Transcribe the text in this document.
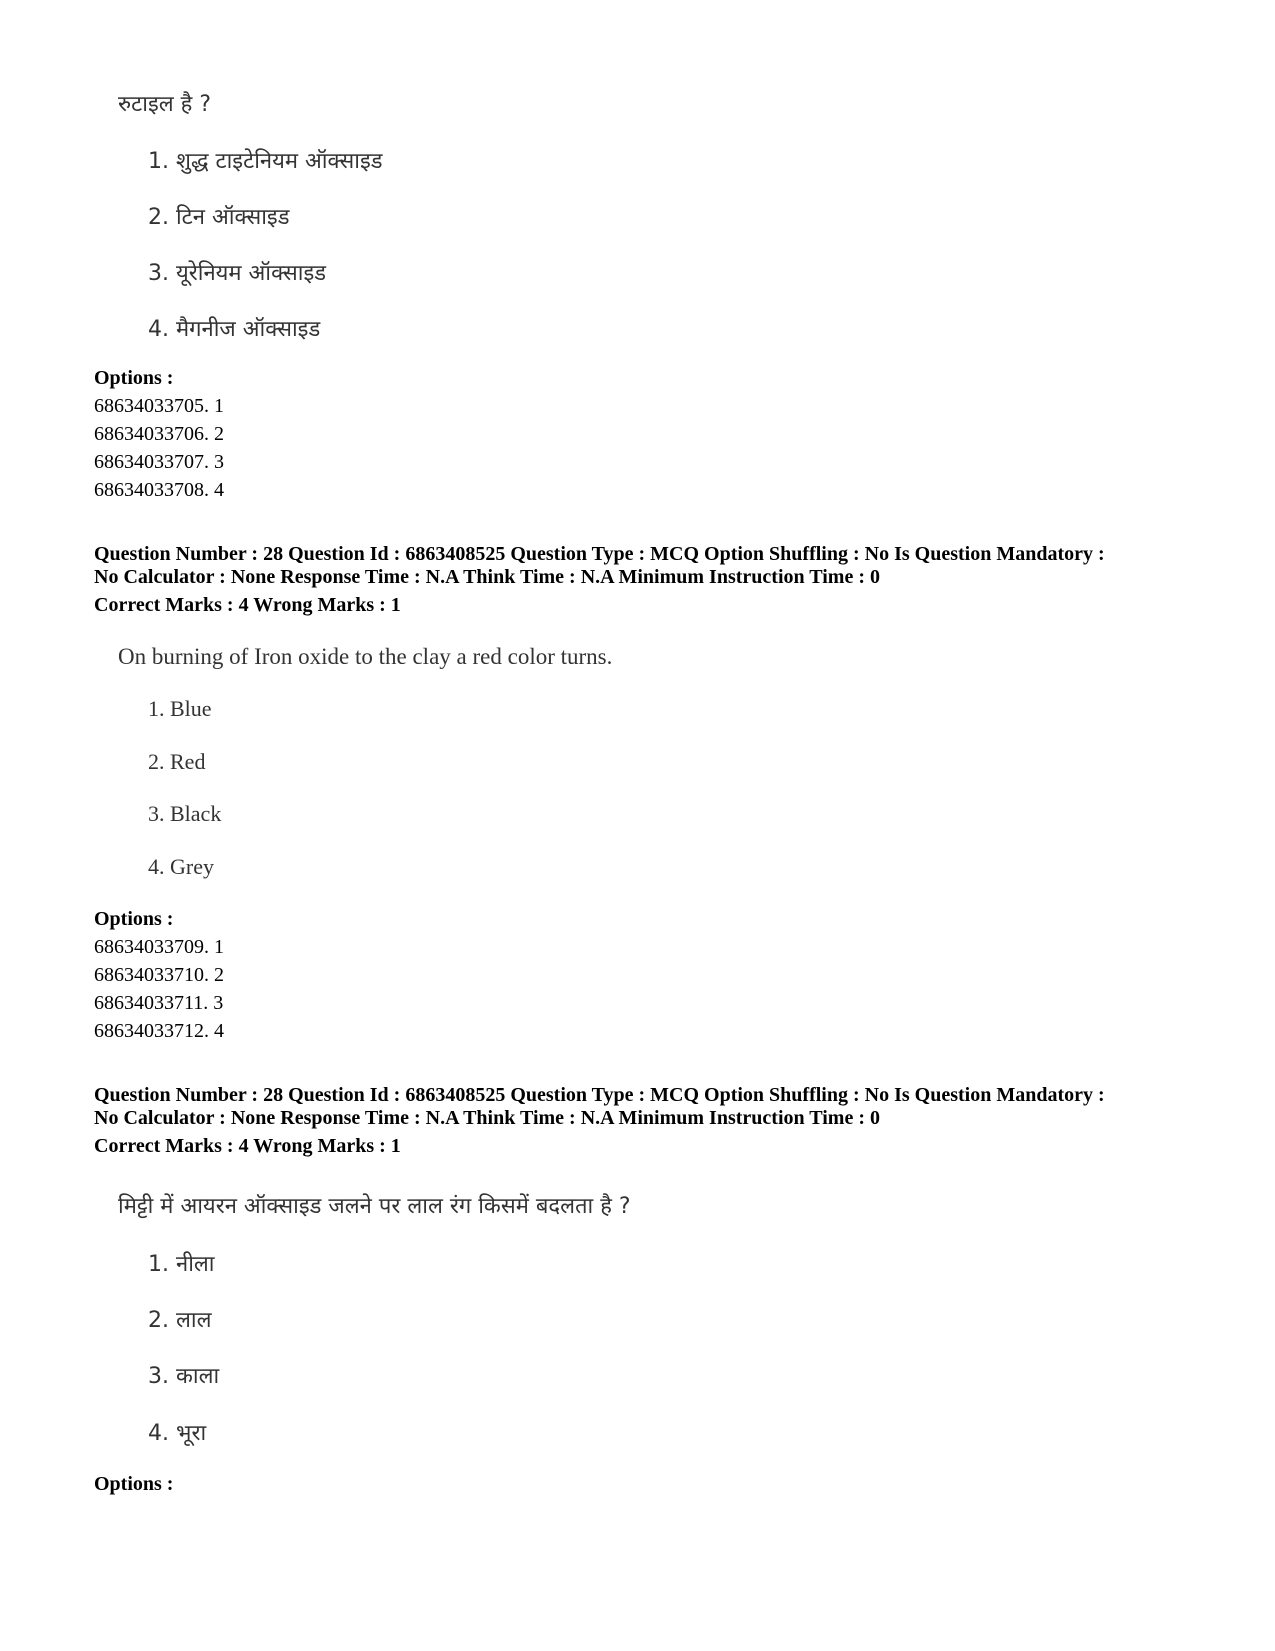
रुटाइल है ?
1. शुद्ध टाइटेनियम ऑक्साइड
2. टिन ऑक्साइड
3. यूरेनियम ऑक्साइड
4. मैगनीज ऑक्साइड
Options :
68634033705. 1
68634033706. 2
68634033707. 3
68634033708. 4
Question Number : 28 Question Id : 6863408525 Question Type : MCQ Option Shuffling : No Is Question Mandatory :
No Calculator : None Response Time : N.A Think Time : N.A Minimum Instruction Time : 0
Correct Marks : 4 Wrong Marks : 1
On burning of Iron oxide to the clay a red color turns.
1. Blue
2. Red
3. Black
4. Grey
Options :
68634033709. 1
68634033710. 2
68634033711. 3
68634033712. 4
Question Number : 28 Question Id : 6863408525 Question Type : MCQ Option Shuffling : No Is Question Mandatory :
No Calculator : None Response Time : N.A Think Time : N.A Minimum Instruction Time : 0
Correct Marks : 4 Wrong Marks : 1
मिट्टी में आयरन ऑक्साइड जलने पर लाल रंग किसमें बदलता है ?
1. नीला
2. लाल
3. काला
4. भूरा
Options :
